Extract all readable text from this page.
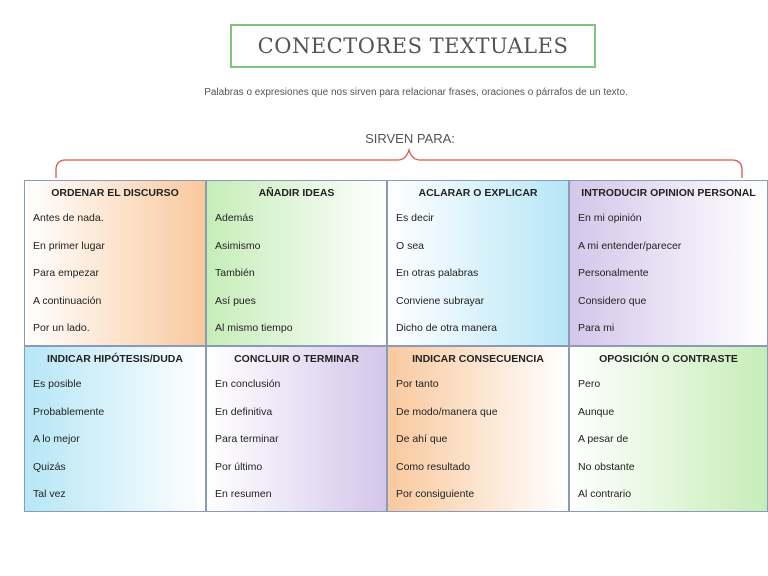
CONECTORES TEXTUALES
Palabras o expresiones que nos sirven para relacionar frases, oraciones o párrafos de un texto.
SIRVEN PARA:
ORDENAR EL DISCURSO
Antes de nada.
En primer lugar
Para empezar
A continuación
Por un lado.
AÑADIR IDEAS
Además
Asimismo
También
Así pues
Al mismo tiempo
ACLARAR O EXPLICAR
Es decir
O sea
En otras palabras
Conviene subrayar
Dicho de otra manera
INTRODUCIR OPINION PERSONAL
En mi opinión
A mi entender/parecer
Personalmente
Considero que
Para mi
INDICAR HIPÓTESIS/DUDA
Es posible
Probablemente
A lo mejor
Quizás
Tal vez
CONCLUIR O TERMINAR
En conclusión
En definitiva
Para terminar
Por último
En resumen
INDICAR CONSECUENCIA
Por tanto
De modo/manera que
De ahí que
Como resultado
Por consiguiente
OPOSICIÓN O CONTRASTE
Pero
Aunque
A pesar de
No obstante
Al contrario
